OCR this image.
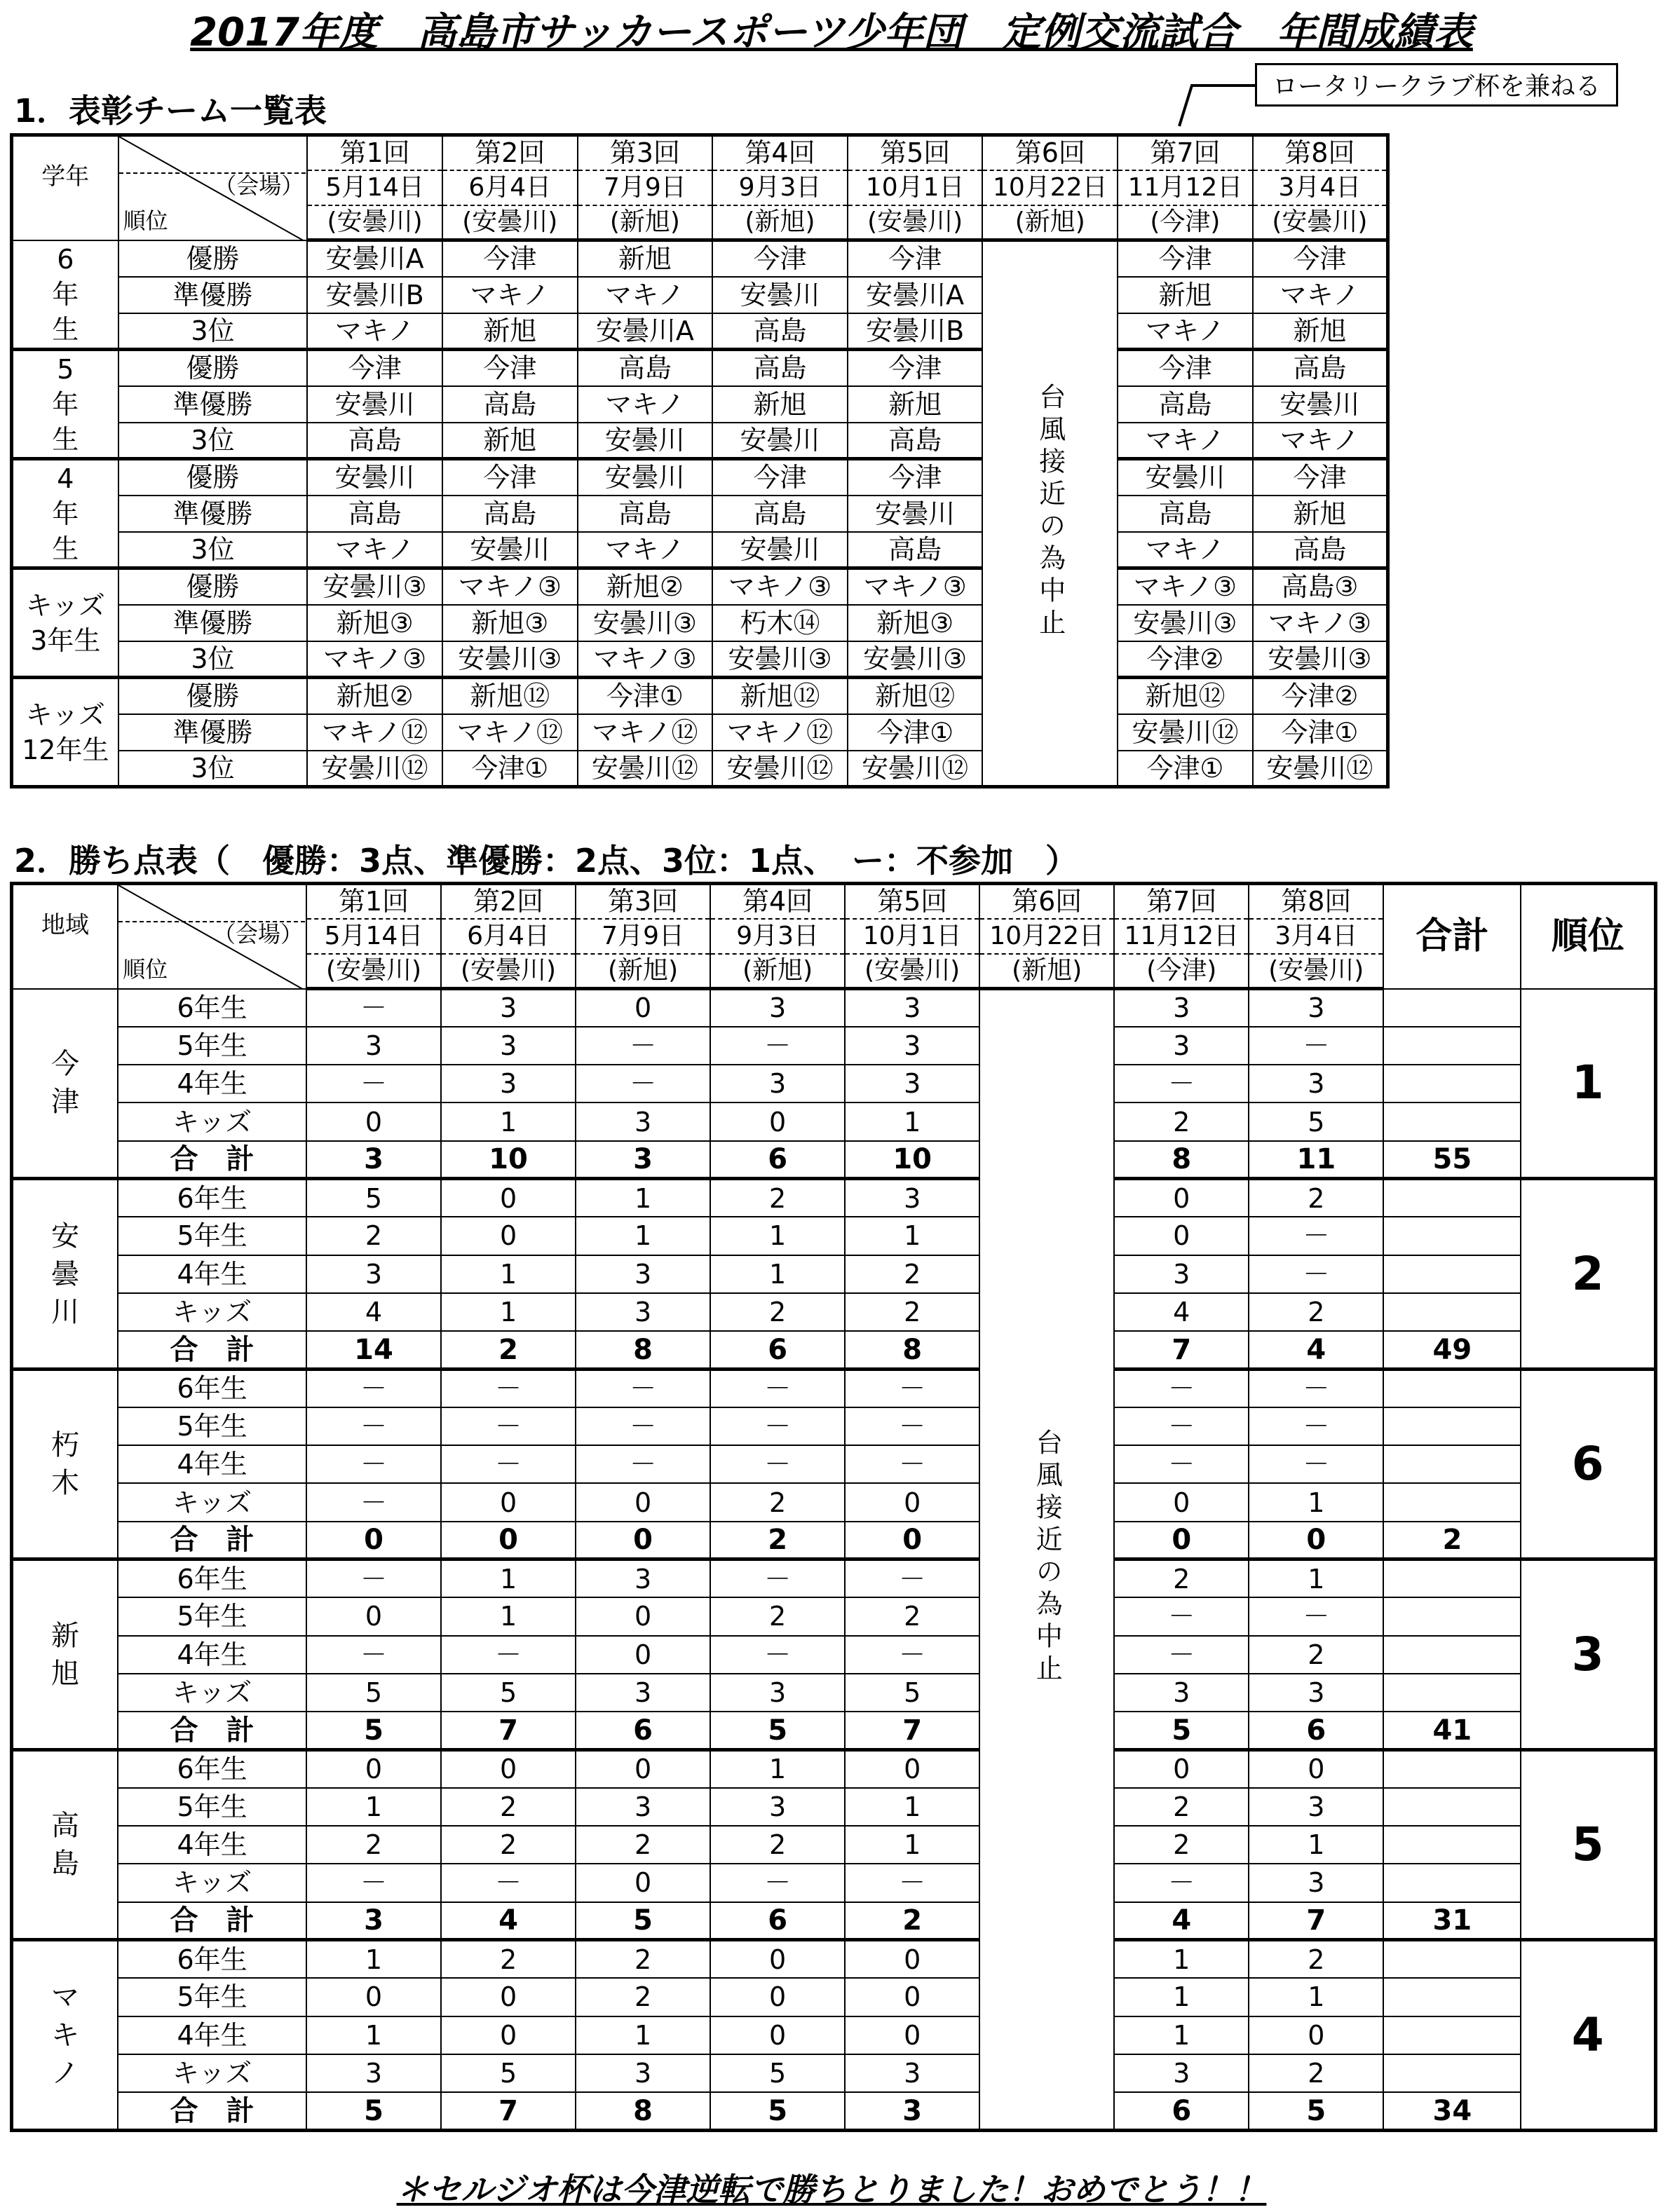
2017年度　高島市サッカースポーツ少年団　定例交流試合　年間成績表
1．表彰チーム一覧表
ロータリークラブ杯を兼ねる
学年	（会場）
順位	第1回	第2回	第3回	第4回	第5回	第6回	第7回	第8回
		5月14日	6月4日	7月9日	9月3日	10月1日	10月22日	11月12日	3月4日
		(安曇川)	(安曇川)	(新旭)	(新旭)	(安曇川)	(新旭)	(今津)	(安曇川)

6
年
生	優勝	安曇川A	今津	新旭	今津	今津	台風接近の為中止	今津	今津
	準優勝	安曇川B	マキノ	マキノ	安曇川	安曇川A		新旭	マキノ
	3位	マキノ	新旭	安曇川A	高島	安曇川B		マキノ	新旭

5
年
生	優勝	今津	今津	高島	高島	今津		今津	高島
	準優勝	安曇川	高島	マキノ	新旭	新旭		高島	安曇川
	3位	高島	新旭	安曇川	安曇川	高島		マキノ	マキノ

4
年
生	優勝	安曇川	今津	安曇川	今津	今津		安曇川	今津
	準優勝	高島	高島	高島	高島	安曇川		高島	新旭
	3位	マキノ	安曇川	マキノ	安曇川	高島		マキノ	高島

キッズ
3年生	優勝	安曇川③	マキノ③	新旭②	マキノ③	マキノ③		マキノ③	高島③
	準優勝	新旭③	新旭③	安曇川③	朽木⑭	新旭③		安曇川③	マキノ③
	3位	マキノ③	安曇川③	マキノ③	安曇川③	安曇川③		今津②	安曇川③

キッズ
12年生	優勝	新旭②	新旭⑫	今津①	新旭⑫	新旭⑫		新旭⑫	今津②
	準優勝	マキノ⑫	マキノ⑫	マキノ⑫	マキノ⑫	今津①		安曇川⑫	今津①
	3位	安曇川⑫	今津①	安曇川⑫	安曇川⑫	安曇川⑫		今津①	安曇川⑫
2．勝ち点表（　優勝：3点、準優勝：2点、3位：1点、　ー：不参加　）
地域	（会場）
順位	第1回	第2回	第3回	第4回	第5回	第6回	第7回	第8回	合計	順位
		5月14日	6月4日	7月9日	9月3日	10月1日	10月22日	11月12日	3月4日		
		(安曇川)	(安曇川)	(新旭)	(新旭)	(安曇川)	(新旭)	(今津)	(安曇川)		

今
津	6年生	－	3	0	3	3	台風接近の為中止	3	3		1
	5年生	3	3	－	－	3		3	－		
	4年生	－	3	－	3	3		－	3		
	キッズ	0	1	3	0	1		2	5		
	合　計	3	10	3	6	10		8	11	55	

安
曇
川	6年生	5	0	1	2	3		0	2		2
	5年生	2	0	1	1	1		0	－		
	4年生	3	1	3	1	2		3	－		
	キッズ	4	1	3	2	2		4	2		
	合　計	14	2	8	6	8		7	4	49	

朽
木	6年生	－	－	－	－	－		－	－		6
	5年生	－	－	－	－	－		－	－		
	4年生	－	－	－	－	－		－	－		
	キッズ	－	0	0	2	0		0	1		
	合　計	0	0	0	2	0		0	0	2	

新
旭	6年生	－	1	3	－	－		2	1		3
	5年生	0	1	0	2	2		－	－		
	4年生	－	－	0	－	－		－	2		
	キッズ	5	5	3	3	5		3	3		
	合　計	5	7	6	5	7		5	6	41	

高
島	6年生	0	0	0	1	0		0	0		5
	5年生	1	2	3	3	1		2	3		
	4年生	2	2	2	2	1		2	1		
	キッズ	－	－	0	－	－		－	3		
	合　計	3	4	5	6	2		4	7	31	

マ
キ
ノ	6年生	1	2	2	0	0		1	2		4
	5年生	0	0	2	0	0		1	1		
	4年生	1	0	1	0	0		1	0		
	キッズ	3	5	3	5	3		3	2		
	合　計	5	7	8	5	3		6	5	34	
＊セルジオ杯は今津逆転で勝ちとりました！おめでとう！！
